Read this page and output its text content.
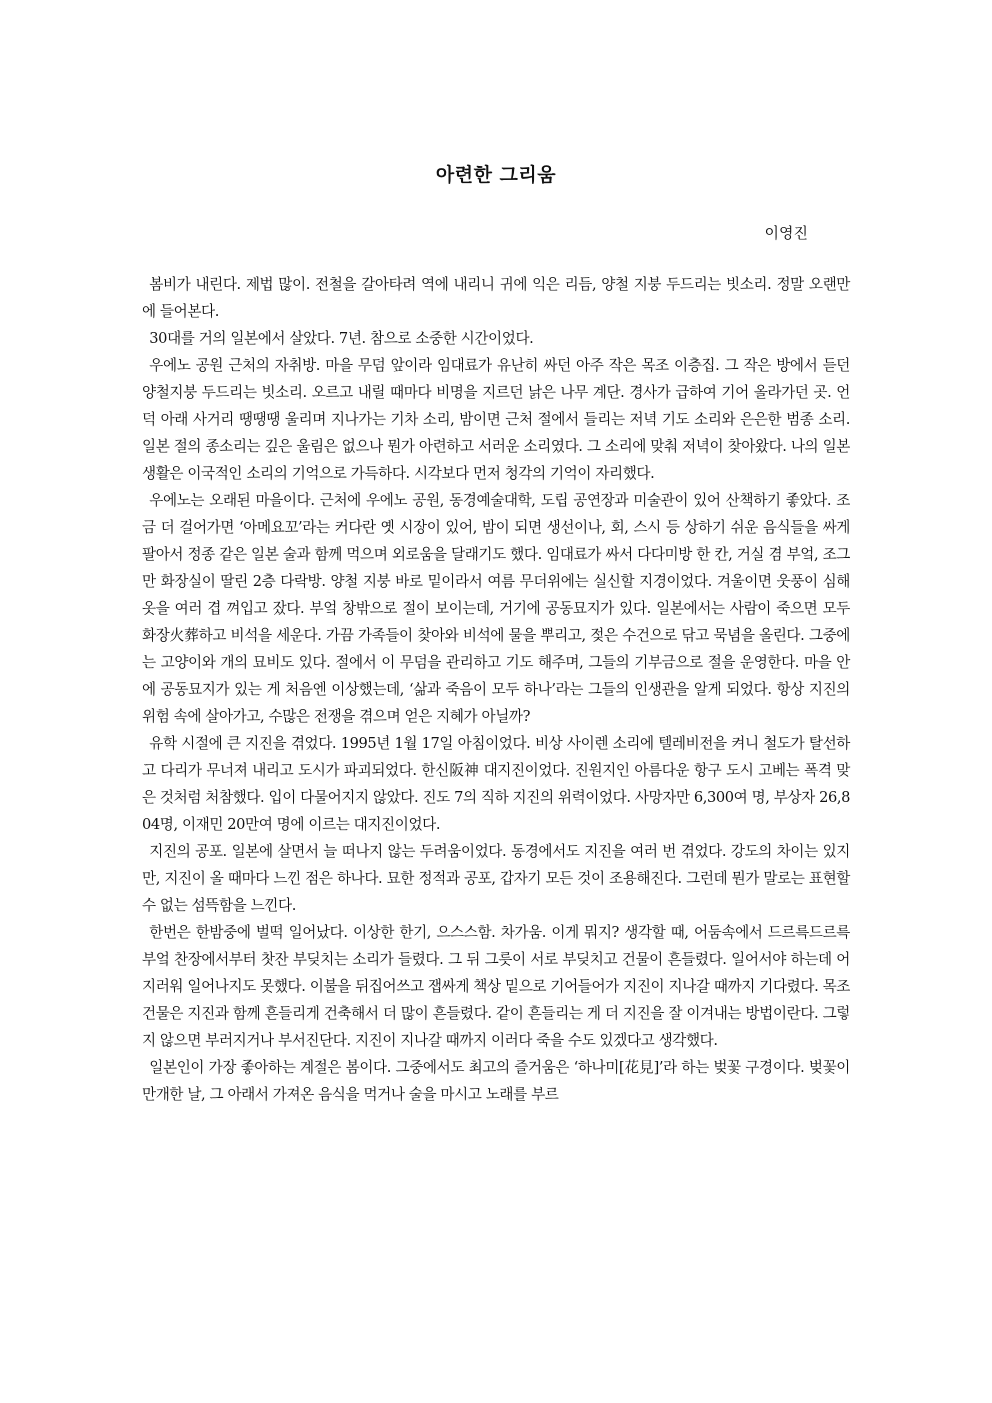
아련한 그리움
이영진

봄비가 내린다. 제법 많이. 전철을 갈아타려 역에 내리니 귀에 익은 리듬, 양철 지붕 두드리는 빗소리. 정말 오랜만에 들어본다.

30대를 거의 일본에서 살았다. 7년. 참으로 소중한 시간이었다.

우에노 공원 근처의 자취방. 마을 무덤 앞이라 임대료가 유난히 싸던 아주 작은 목조 이층집. 그 작은 방에서 듣던 양철지붕 두드리는 빗소리. 오르고 내릴 때마다 비명을 지르던 낡은 나무 계단. 경사가 급하여 기어 올라가던 곳. 언덕 아래 사거리 땡땡땡 울리며 지나가는 기차 소리, 밤이면 근처 절에서 들리는 저녁 기도 소리와 은은한 범종 소리. 일본 절의 종소리는 깊은 울림은 없으나 뭔가 아련하고 서러운 소리였다. 그 소리에 맞춰 저녁이 찾아왔다. 나의 일본 생활은 이국적인 소리의 기억으로 가득하다. 시각보다 먼저 청각의 기억이 자리했다.

우에노는 오래된 마을이다. 근처에 우에노 공원, 동경예술대학, 도립 공연장과 미술관이 있어 산책하기 좋았다. 조금 더 걸어가면 ‘아메요꼬’라는 커다란 옛 시장이 있어, 밤이 되면 생선이나, 회, 스시 등 상하기 쉬운 음식들을 싸게 팔아서 정종 같은 일본 술과 함께 먹으며 외로움을 달래기도 했다. 임대료가 싸서 다다미방 한 칸, 거실 겸 부엌, 조그만 화장실이 딸린 2층 다락방. 양철 지붕 바로 밑이라서 여름 무더위에는 실신할 지경이었다. 겨울이면 웃풍이 심해 옷을 여러 겹 껴입고 잤다. 부엌 창밖으로 절이 보이는데, 거기에 공동묘지가 있다. 일본에서는 사람이 죽으면 모두 화장火葬하고 비석을 세운다. 가끔 가족들이 찾아와 비석에 물을 뿌리고, 젖은 수건으로 닦고 묵념을 올린다. 그중에는 고양이와 개의 묘비도 있다. 절에서 이 무덤을 관리하고 기도 해주며, 그들의 기부금으로 절을 운영한다. 마을 안에 공동묘지가 있는 게 처음엔 이상했는데, ‘삶과 죽음이 모두 하나’라는 그들의 인생관을 알게 되었다. 항상 지진의 위험 속에 살아가고, 수많은 전쟁을 겪으며 얻은 지혜가 아닐까?

유학 시절에 큰 지진을 겪었다. 1995년 1월 17일 아침이었다. 비상 사이렌 소리에 텔레비전을 켜니 철도가 탈선하고 다리가 무너져 내리고 도시가 파괴되었다. 한신阪神 대지진이었다. 진원지인 아름다운 항구 도시 고베는 폭격 맞은 것처럼 처참했다. 입이 다물어지지 않았다. 진도 7의 직하 지진의 위력이었다. 사망자만 6,300여 명, 부상자 26,804명, 이재민 20만여 명에 이르는 대지진이었다.

지진의 공포. 일본에 살면서 늘 떠나지 않는 두려움이었다. 동경에서도 지진을 여러 번 겪었다. 강도의 차이는 있지만, 지진이 올 때마다 느낀 점은 하나다. 묘한 정적과 공포, 갑자기 모든 것이 조용해진다. 그런데 뭔가 말로는 표현할 수 없는 섬뜩함을 느낀다.

한번은 한밤중에 벌떡 일어났다. 이상한 한기, 으스스함. 차가움. 이게 뭐지? 생각할 때, 어둠속에서 드르륵드르륵 부엌 찬장에서부터 찻잔 부딪치는 소리가 들렸다. 그 뒤 그릇이 서로 부딪치고 건물이 흔들렸다. 일어서야 하는데 어지러워 일어나지도 못했다. 이불을 뒤집어쓰고 잽싸게 책상 밑으로 기어들어가 지진이 지나갈 때까지 기다렸다. 목조 건물은 지진과 함께 흔들리게 건축해서 더 많이 흔들렸다. 같이 흔들리는 게 더 지진을 잘 이겨내는 방법이란다. 그렇지 않으면 부러지거나 부서진단다. 지진이 지나갈 때까지 이러다 죽을 수도 있겠다고 생각했다.

일본인이 가장 좋아하는 계절은 봄이다. 그중에서도 최고의 즐거움은 ‘하나미[花見]’라 하는 벚꽃 구경이다. 벚꽃이 만개한 날, 그 아래서 가져온 음식을 먹거나 술을 마시고 노래를 부르
